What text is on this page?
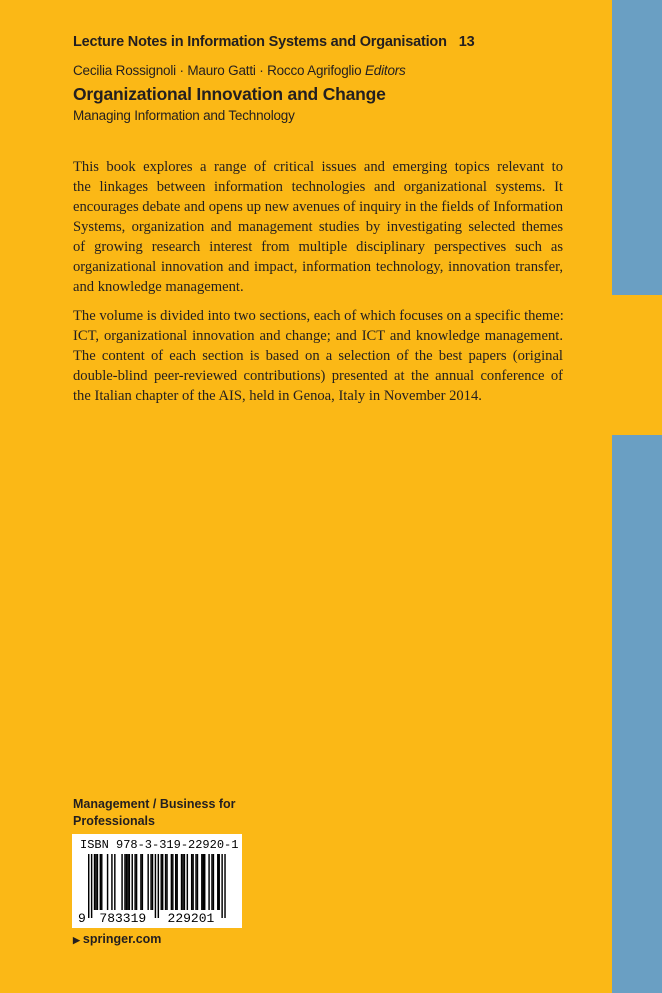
Lecture Notes in Information Systems and Organisation 13
Cecilia Rossignoli · Mauro Gatti · Rocco Agrifoglio Editors
Organizational Innovation and Change
Managing Information and Technology

This book explores a range of critical issues and emerging topics relevant to
the linkages between information technologies and organizational systems. It
encourages debate and opens up new avenues of inquiry in the fields of Information
Systems, organization and management studies by investigating selected themes
of growing research interest from multiple disciplinary perspectives such as
organizational innovation and impact, information technology, innovation transfer,
and knowledge management.

The volume is divided into two sections, each of which focuses on a specific theme:
ICT, organizational innovation and change; and ICT and knowledge management.
The content of each section is based on a selection of the best papers (original
double-blind peer-reviewed contributions) presented at the annual conference of
the Italian chapter of the AIS, held in Genoa, Italy in November 2014.

Management / Business for
Professionals
ISBN 978-3-319-22920-1
9 783319 229201
▶ springer.com
